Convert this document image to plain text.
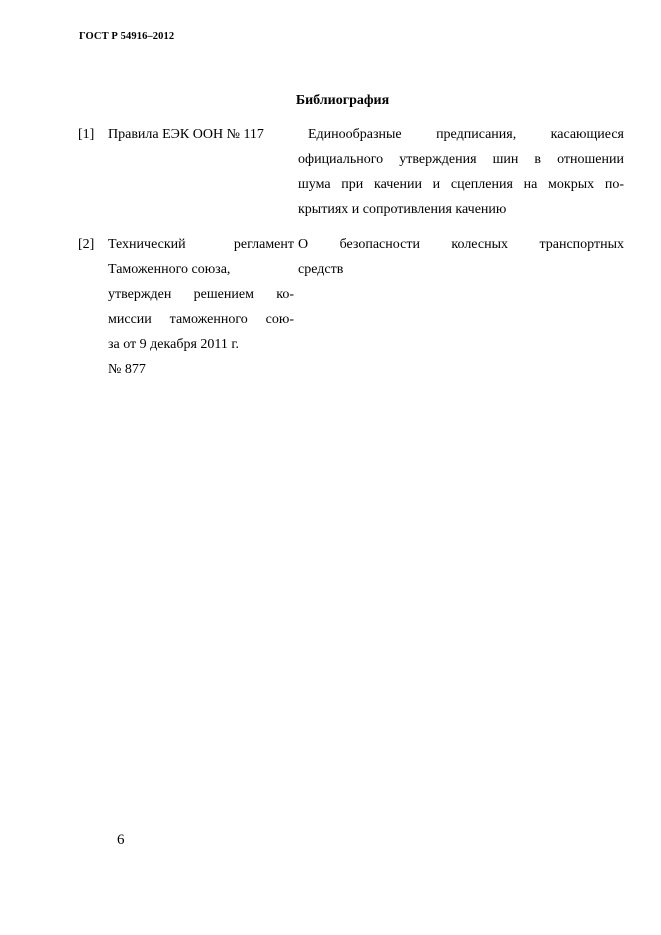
ГОСТ Р 54916–2012
Библиография
[1] Правила ЕЭК ООН № 117	Единообразные предписания, касающиеся
официального утверждения шин в отношении
шума при качении и сцепления на мокрых по-
крытиях и сопротивления качению
[2] Технический регламент
Таможенного союза,
утвержден решением ко-
миссии таможенного сою-
за от 9 декабря 2011 г.
№ 877
О безопасности колесных транспортных
средств
6
